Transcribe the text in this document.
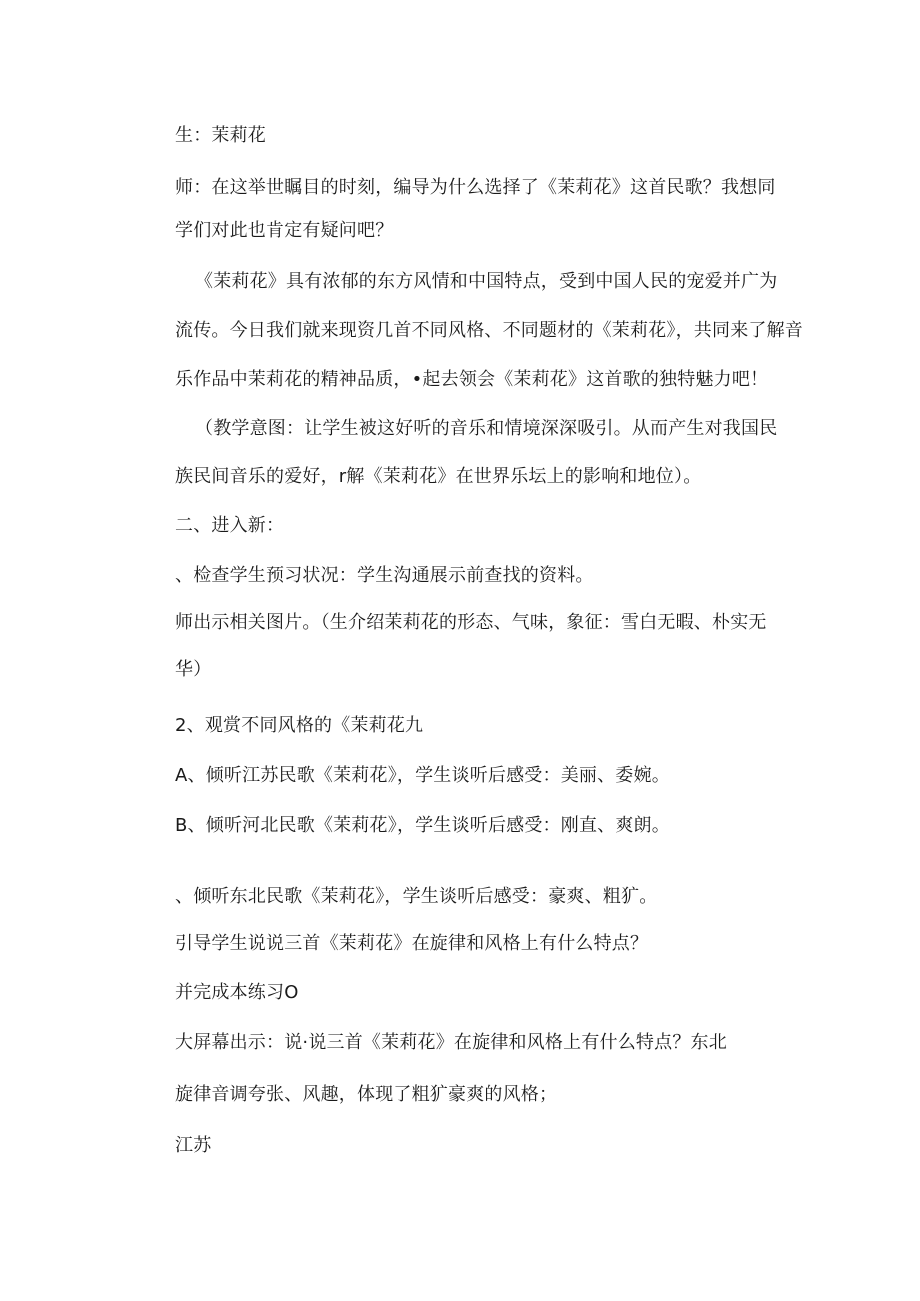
生：茉莉花
师：在这举世瞩目的时刻，编导为什么选择了《茉莉花》这首民歌？我想同
学们对此也肯定有疑问吧？
《茉莉花》具有浓郁的东方风情和中国特点，受到中国人民的宠爱并广为
流传。今日我们就来现资几首不同风格、不同题材的《茉莉花》，共同来了解音
乐作品中茉莉花的精神品质，•起去领会《茉莉花》这首歌的独特魅力吧！
（教学意图：让学生被这好听的音乐和情境深深吸引。从而产生对我国民
族民间音乐的爱好，r解《茉莉花》在世界乐坛上的影响和地位）。
二、进入新：
、检查学生预习状况：学生沟通展示前查找的资料。
师出示相关图片。（生介绍茉莉花的形态、气味，象征：雪白无暇、朴实无
华）
2、观赏不同风格的《茉莉花九
A、倾听江苏民歌《茉莉花》，学生谈听后感受：美丽、委婉。
B、倾听河北民歌《茉莉花》，学生谈听后感受：刚直、爽朗。
、倾听东北民歌《茉莉花》，学生谈听后感受：豪爽、粗犷。
引导学生说说三首《茉莉花》在旋律和风格上有什么特点？
并完成本练习O
大屏幕出示：说·说三首《茉莉花》在旋律和风格上有什么特点？东北
旋律音调夸张、风趣，体现了粗犷豪爽的风格；
江苏
